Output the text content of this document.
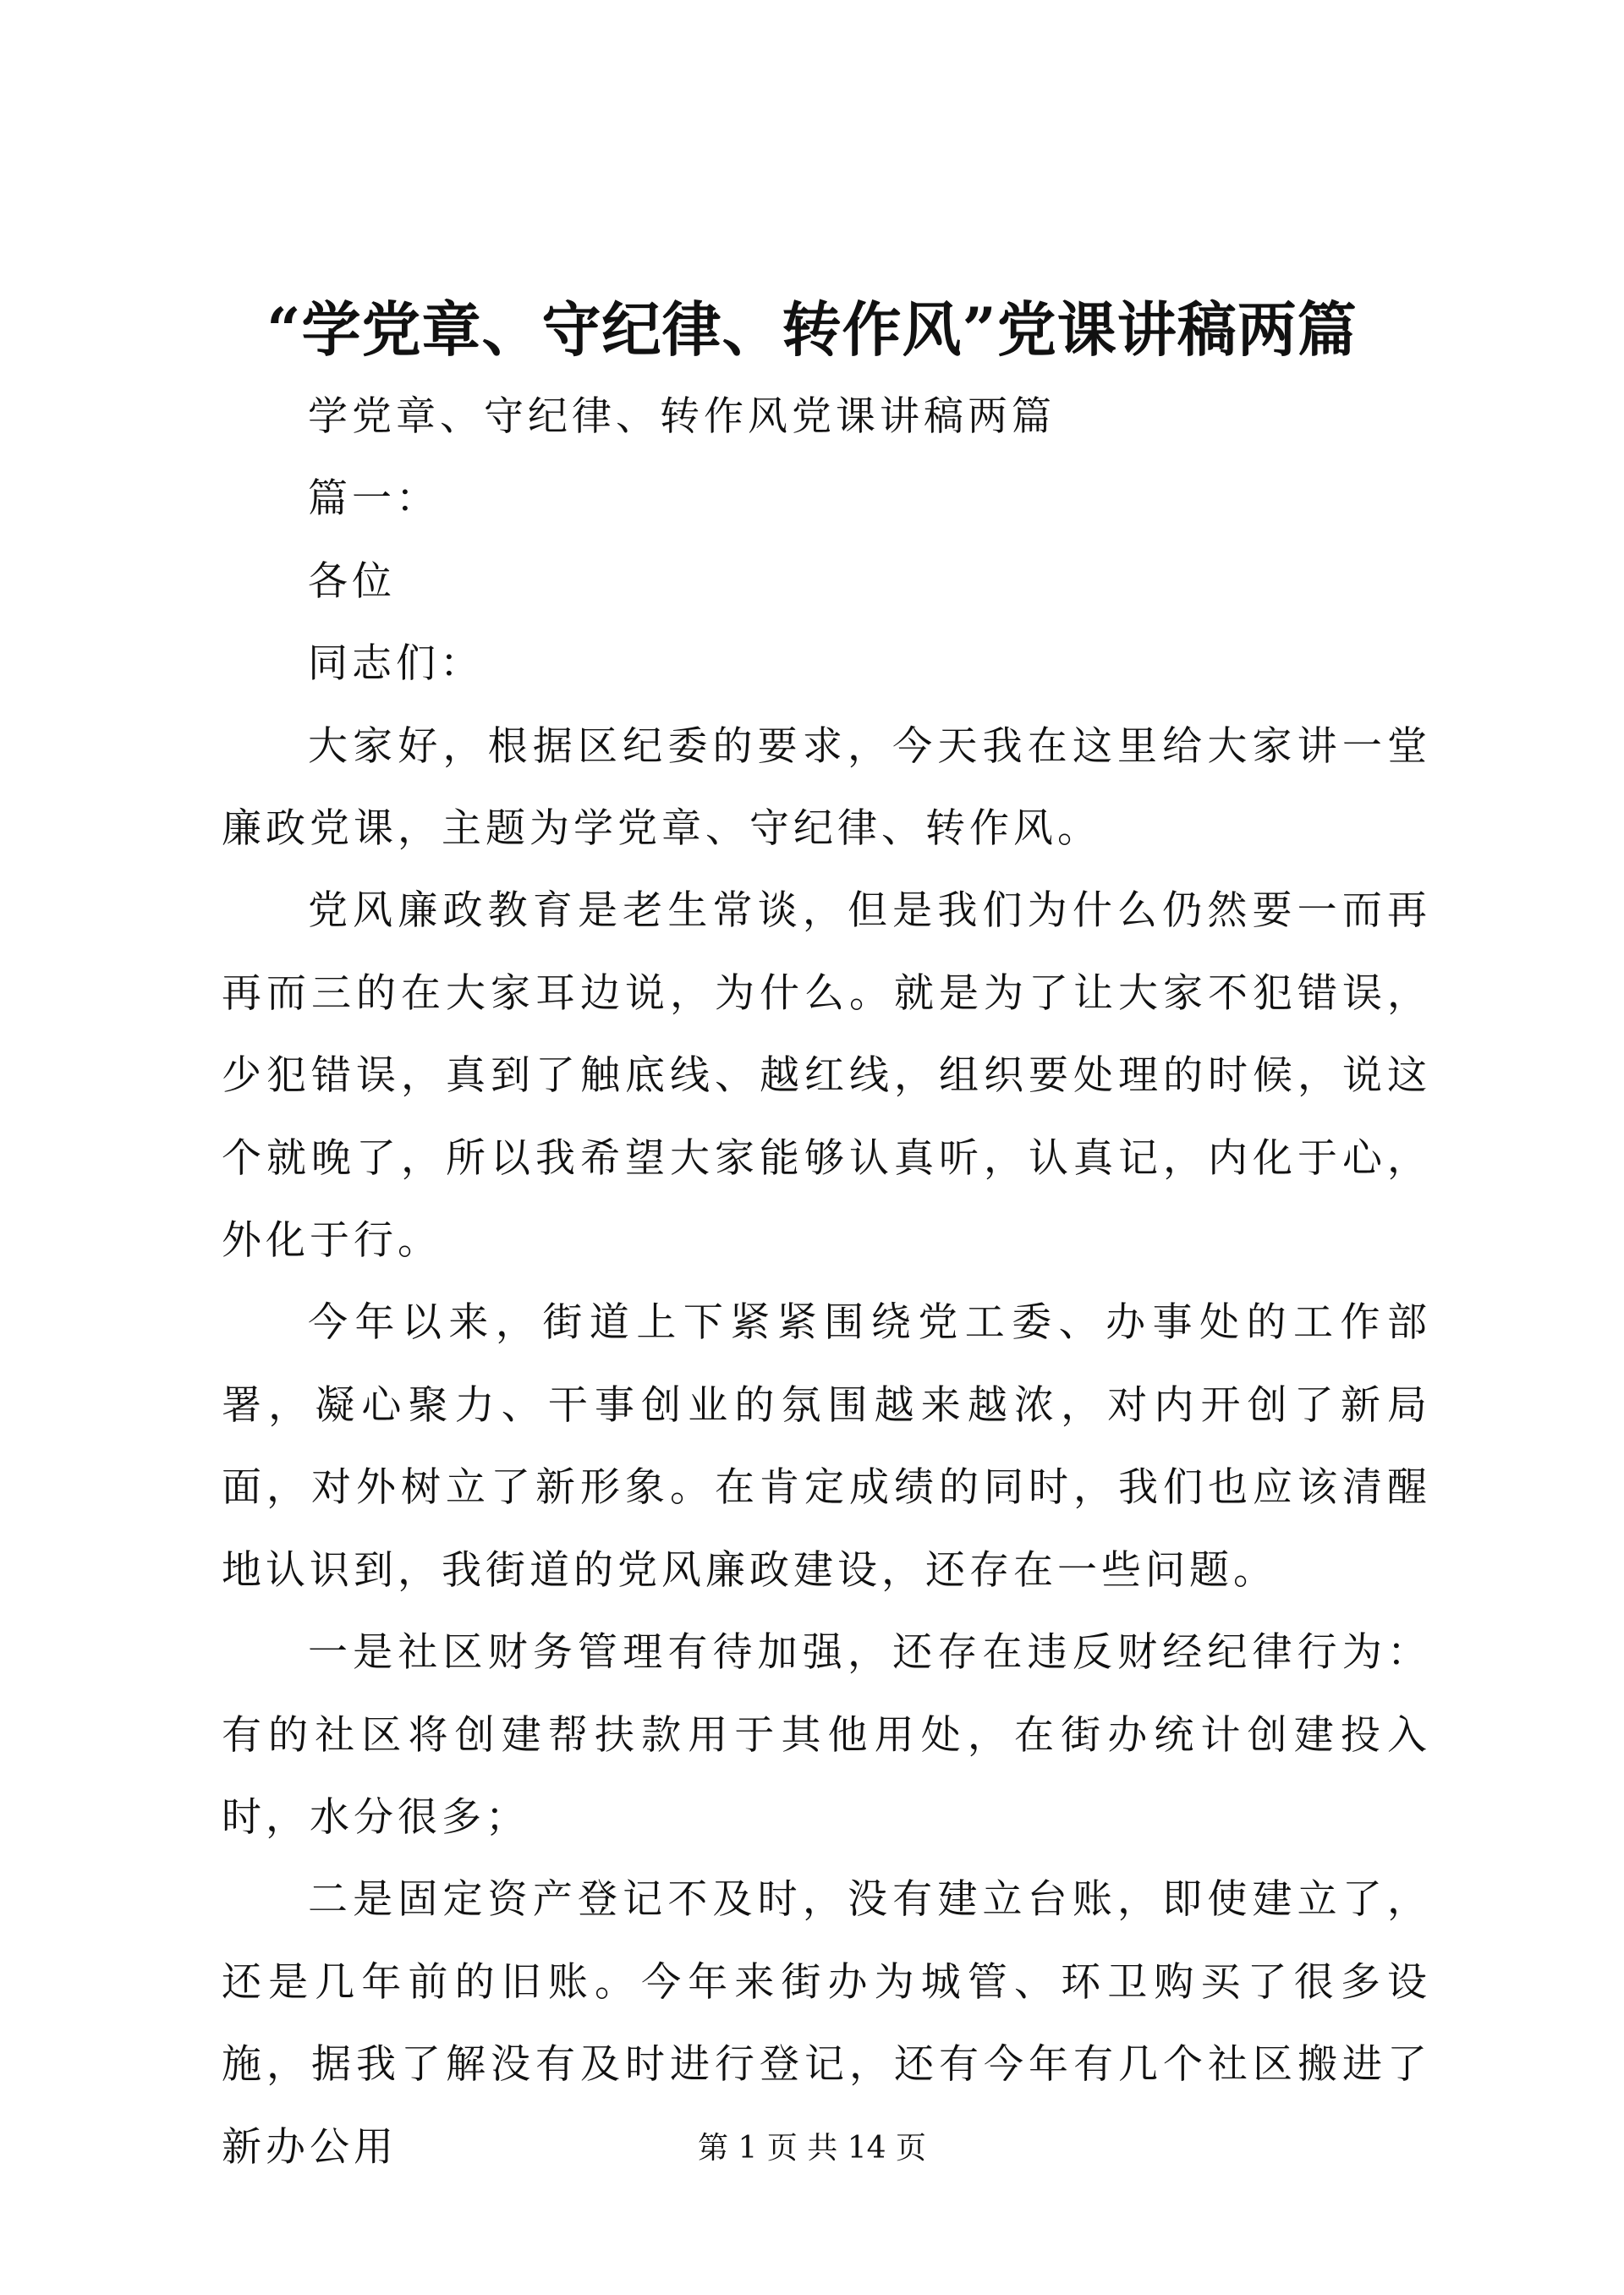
“学党章、守纪律、转作风”党课讲稿两篇

学党章、守纪律、转作风党课讲稿两篇

篇一：

各位

同志们：

大家好，根据区纪委的要求，今天我在这里给大家讲一堂廉政党课，主题为学党章、守纪律、转作风。

党风廉政教育是老生常谈，但是我们为什么仍然要一而再再而三的在大家耳边说，为什么。就是为了让大家不犯错误，少犯错误，真到了触底线、越红线，组织要处理的时候，说这个就晚了，所以我希望大家能够认真听，认真记，内化于心，外化于行。

今年以来，街道上下紧紧围绕党工委、办事处的工作部署，凝心聚力、干事创业的氛围越来越浓，对内开创了新局面，对外树立了新形象。在肯定成绩的同时，我们也应该清醒地认识到，我街道的党风廉政建设，还存在一些问题。

一是社区财务管理有待加强，还存在违反财经纪律行为：有的社区将创建帮扶款用于其他用处，在街办统计创建投入时，水分很多；

二是固定资产登记不及时，没有建立台账，即使建立了，还是几年前的旧账。今年来街办为城管、环卫购买了很多设施，据我了解没有及时进行登记，还有今年有几个社区搬进了新办公用	第 1 页 共 14 页
